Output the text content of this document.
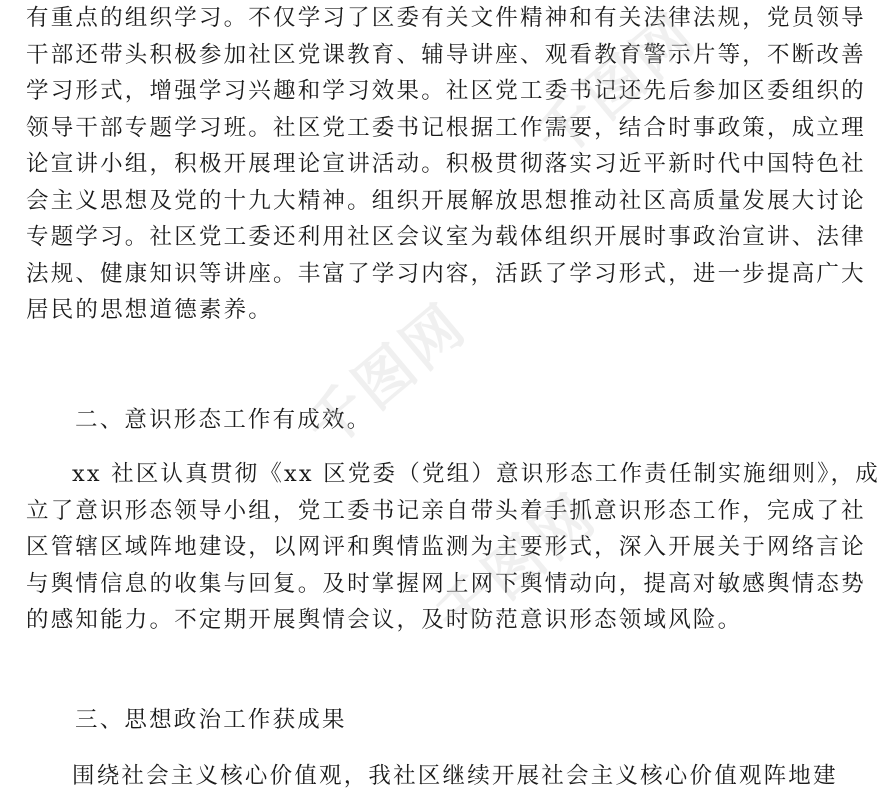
有重点的组织学习。不仅学习了区委有关文件精神和有关法律法规，党员领导
干部还带头积极参加社区党课教育、辅导讲座、观看教育警示片等，不断改善
学习形式，增强学习兴趣和学习效果。社区党工委书记还先后参加区委组织的
领导干部专题学习班。社区党工委书记根据工作需要，结合时事政策，成立理
论宣讲小组，积极开展理论宣讲活动。积极贯彻落实习近平新时代中国特色社
会主义思想及党的十九大精神。组织开展解放思想推动社区高质量发展大讨论
专题学习。社区党工委还利用社区会议室为载体组织开展时事政治宣讲、法律
法规、健康知识等讲座。丰富了学习内容，活跃了学习形式，进一步提高广大
居民的思想道德素养。
二、意识形态工作有成效。
xx 社区认真贯彻《xx 区党委（党组）意识形态工作责任制实施细则》，成
立了意识形态领导小组，党工委书记亲自带头着手抓意识形态工作，完成了社
区管辖区域阵地建设，以网评和舆情监测为主要形式，深入开展关于网络言论
与舆情信息的收集与回复。及时掌握网上网下舆情动向，提高对敏感舆情态势
的感知能力。不定期开展舆情会议，及时防范意识形态领域风险。
三、思想政治工作获成果
围绕社会主义核心价值观，我社区继续开展社会主义核心价值观阵地建
千图网
千图网
千图网
